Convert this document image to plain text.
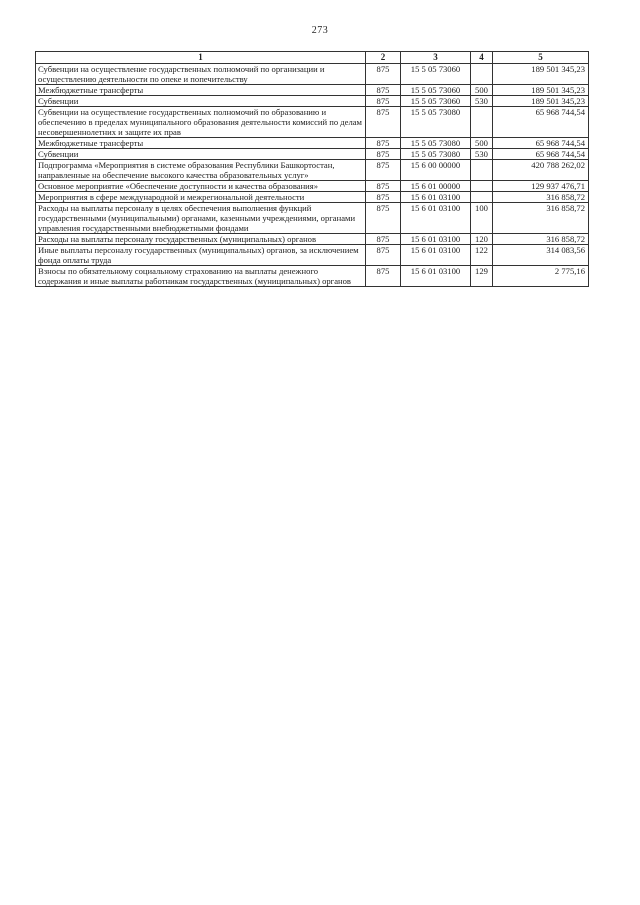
273
1	2	3	4	5
Субвенции на осуществление государственных полномочий по организации и осуществлению деятельности по опеке и попечительству	875	15 5 05 73060		189 501 345,23
Межбюджетные трансферты	875	15 5 05 73060	500	189 501 345,23
Субвенции	875	15 5 05 73060	530	189 501 345,23
Субвенции на осуществление государственных полномочий по образованию и обеспечению в пределах муниципального образования деятельности комиссий по делам несовершеннолетних и защите их прав	875	15 5 05 73080		65 968 744,54
Межбюджетные трансферты	875	15 5 05 73080	500	65 968 744,54
Субвенции	875	15 5 05 73080	530	65 968 744,54
Подпрограмма «Мероприятия в системе образования Республики Башкортостан, направленные на обеспечение высокого качества образовательных услуг»	875	15 6 00 00000		420 788 262,02
Основное мероприятие «Обеспечение доступности и качества образования»	875	15 6 01 00000		129 937 476,71
Мероприятия в сфере международной и межрегиональной деятельности	875	15 6 01 03100		316 858,72
Расходы на выплаты персоналу в целях обеспечения выполнения функций государственными (муниципальными) органами, казенными учреждениями, органами управления государственными внебюджетными фондами	875	15 6 01 03100	100	316 858,72
Расходы на выплаты персоналу государственных (муниципальных) органов	875	15 6 01 03100	120	316 858,72
Иные выплаты персоналу государственных (муниципальных) органов, за исключением фонда оплаты труда	875	15 6 01 03100	122	314 083,56
Взносы по обязательному социальному страхованию на выплаты денежного содержания и иные выплаты работникам государственных (муниципальных) органов	875	15 6 01 03100	129	2 775,16
